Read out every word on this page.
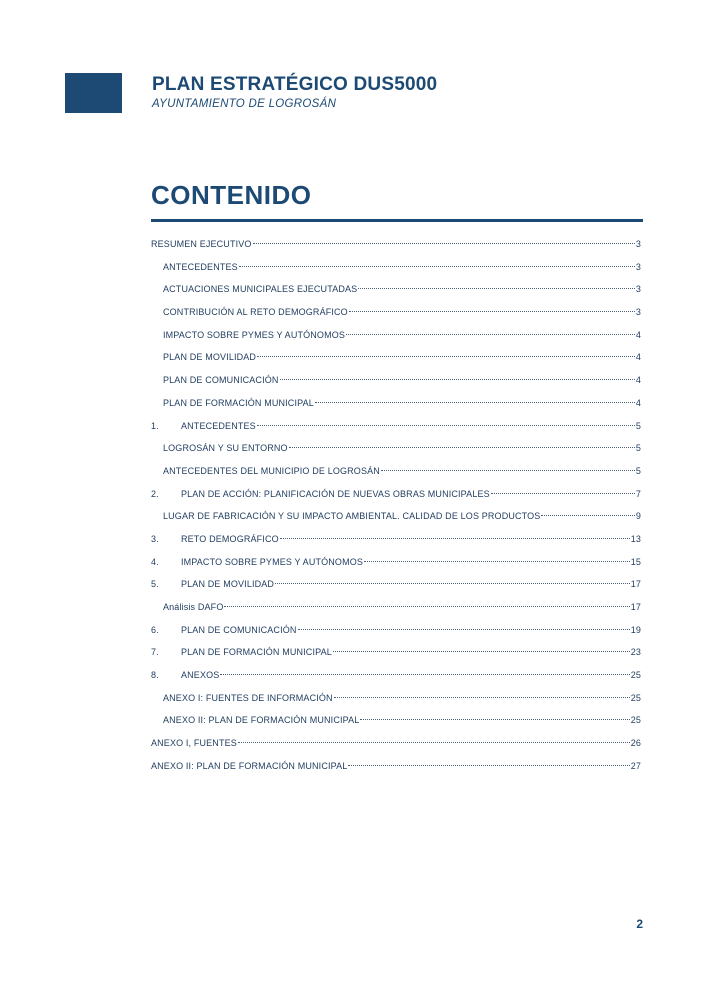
PLAN ESTRATÉGICO DUS5000
AYUNTAMIENTO DE LOGROSÁN
CONTENIDO
RESUMEN EJECUTIVO	3
ANTECEDENTES	3
ACTUACIONES MUNICIPALES EJECUTADAS	3
CONTRIBUCIÓN AL RETO DEMOGRÁFICO	3
IMPACTO SOBRE PYMES Y AUTÓNOMOS	4
PLAN DE MOVILIDAD	4
PLAN DE COMUNICACIÓN	4
PLAN DE FORMACIÓN MUNICIPAL	4
1.	ANTECEDENTES	5
LOGROSÁN Y SU ENTORNO	5
ANTECEDENTES DEL MUNICIPIO DE LOGROSÁN	5
2.	PLAN DE ACCIÓN: PLANIFICACIÓN DE NUEVAS OBRAS MUNICIPALES	7
LUGAR DE FABRICACIÓN Y SU IMPACTO AMBIENTAL. CALIDAD DE LOS PRODUCTOS	9
3.	RETO DEMOGRÁFICO	13
4.	IMPACTO SOBRE PYMES Y AUTÓNOMOS	15
5.	PLAN DE MOVILIDAD	17
Análisis DAFO	17
6.	PLAN DE COMUNICACIÓN	19
7.	PLAN DE FORMACIÓN MUNICIPAL	23
8.	ANEXOS	25
ANEXO I: FUENTES DE INFORMACIÓN	25
ANEXO II: PLAN DE FORMACIÓN MUNICIPAL	25
ANEXO I, FUENTES	26
ANEXO II: PLAN DE FORMACIÓN MUNICIPAL	27
2
